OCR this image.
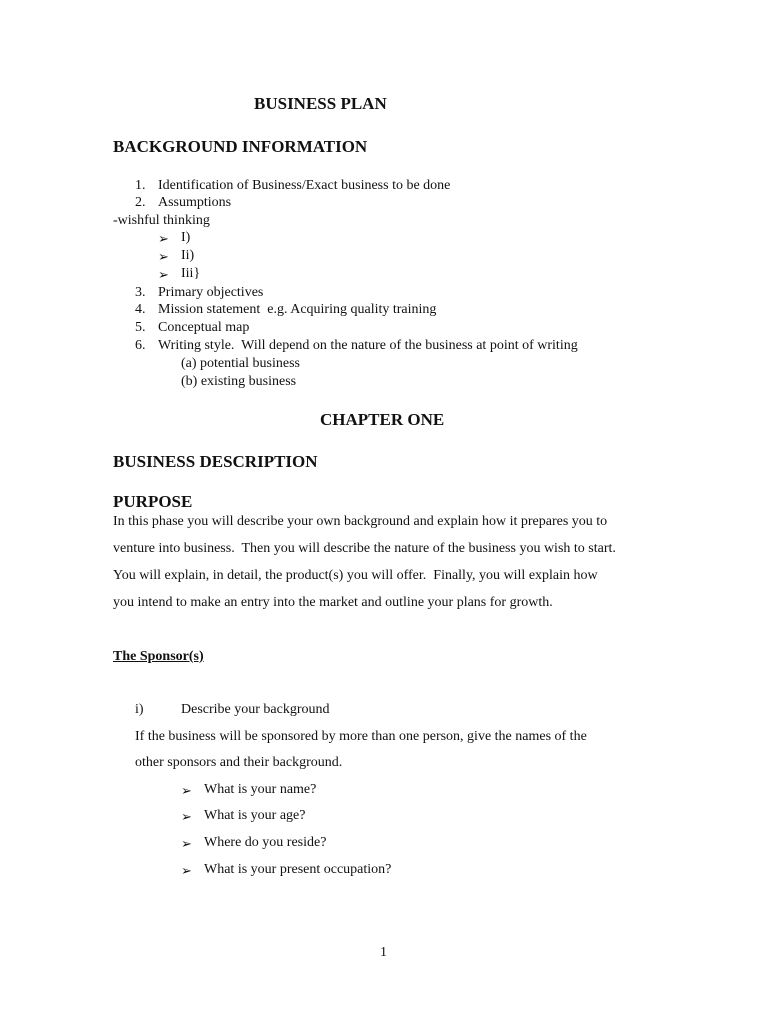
BUSINESS PLAN
BACKGROUND INFORMATION
1. Identification of Business/Exact business to be done
2. Assumptions
-wishful thinking
➢ I)
➢ Ii)
➢ Iii}
3. Primary objectives
4. Mission statement  e.g. Acquiring quality training
5. Conceptual map
6. Writing style.  Will depend on the nature of the business at point of writing
(a) potential business
(b) existing business
CHAPTER ONE
BUSINESS DESCRIPTION
PURPOSE
In this phase you will describe your own background and explain how it prepares you to
venture into business.  Then you will describe the nature of the business you wish to start.
You will explain, in detail, the product(s) you will offer.  Finally, you will explain how
you intend to make an entry into the market and outline your plans for growth.
The Sponsor(s)
i)	Describe your background
If the business will be sponsored by more than one person, give the names of the
other sponsors and their background.
➢ What is your name?
➢ What is your age?
➢ Where do you reside?
➢ What is your present occupation?
1
